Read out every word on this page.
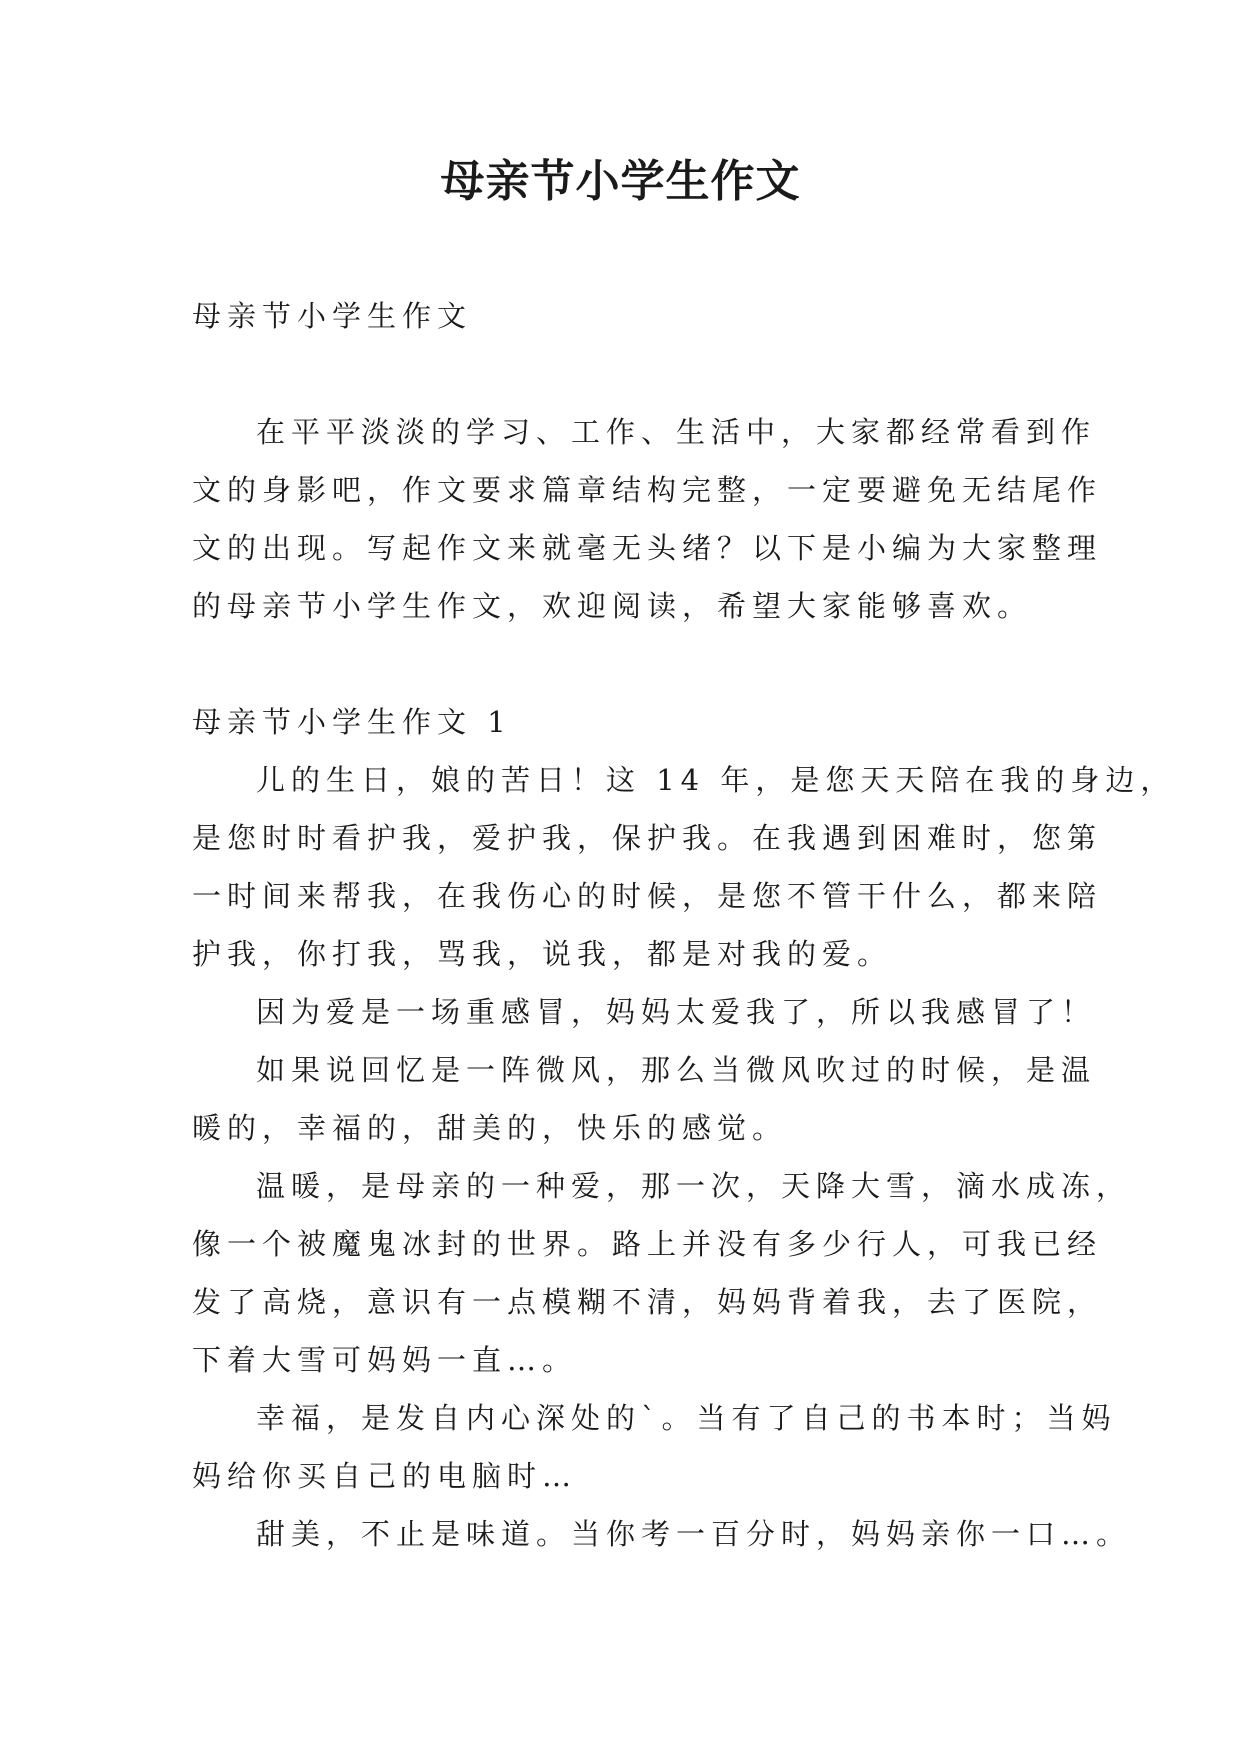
母亲节小学生作文

母亲节小学生作文

在平平淡淡的学习、工作、生活中，大家都经常看到作

文的身影吧，作文要求篇章结构完整，一定要避免无结尾作

文的出现。写起作文来就毫无头绪？以下是小编为大家整理

的母亲节小学生作文，欢迎阅读，希望大家能够喜欢。

母亲节小学生作文 1

儿的生日，娘的苦日！这 14 年，是您天天陪在我的身边，

是您时时看护我，爱护我，保护我。在我遇到困难时，您第

一时间来帮我，在我伤心的时候，是您不管干什么，都来陪

护我，你打我，骂我，说我，都是对我的爱。

因为爱是一场重感冒，妈妈太爱我了，所以我感冒了！

如果说回忆是一阵微风，那么当微风吹过的时候，是温

暖的，幸福的，甜美的，快乐的感觉。

温暖，是母亲的一种爱，那一次，天降大雪，滴水成冻，

像一个被魔鬼冰封的世界。路上并没有多少行人，可我已经

发了高烧，意识有一点模糊不清，妈妈背着我，去了医院，

下着大雪可妈妈一直…。

幸福，是发自内心深处的`。当有了自己的书本时；当妈

妈给你买自己的电脑时…

甜美，不止是味道。当你考一百分时，妈妈亲你一口…。
